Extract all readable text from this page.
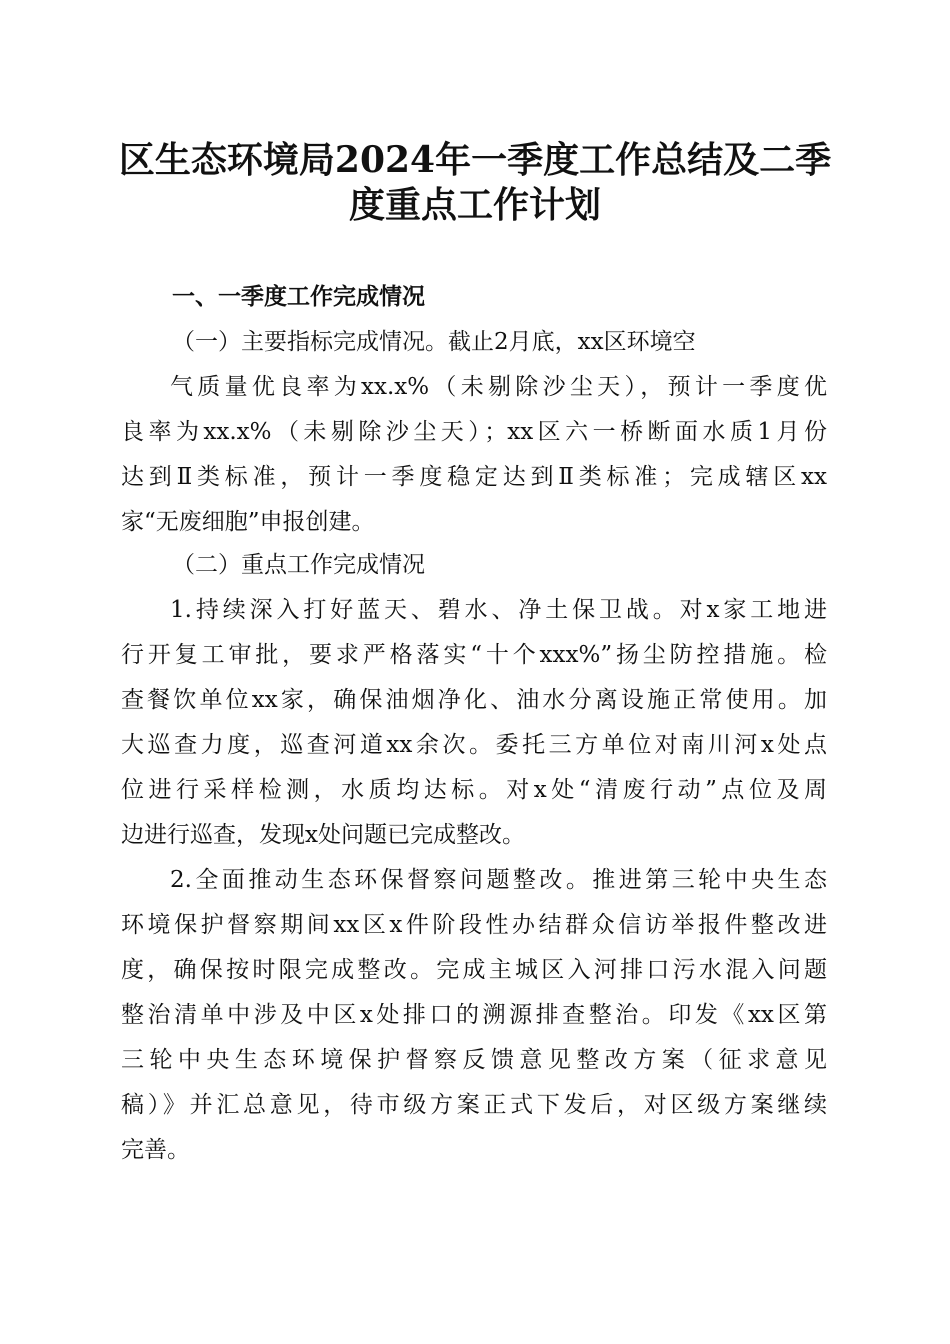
区生态环境局2024年一季度工作总结及二季
度重点工作计划
一、一季度工作完成情况
（一）主要指标完成情况。截止2月底，xx区环境空
气质量优良率为xx.x%（未剔除沙尘天），预计一季度优
良率为xx.x%（未剔除沙尘天）；xx区六一桥断面水质1月份
达到Ⅱ类标准，预计一季度稳定达到Ⅱ类标准；完成辖区xx
家“无废细胞”申报创建。
（二）重点工作完成情况
1.持续深入打好蓝天、碧水、净土保卫战。对x家工地进
行开复工审批，要求严格落实“十个xxx%”扬尘防控措施。检
查餐饮单位xx家，确保油烟净化、油水分离设施正常使用。加
大巡查力度，巡查河道xx余次。委托三方单位对南川河x处点
位进行采样检测，水质均达标。对x处“清废行动”点位及周
边进行巡查，发现x处问题已完成整改。
2.全面推动生态环保督察问题整改。推进第三轮中央生态
环境保护督察期间xx区x件阶段性办结群众信访举报件整改进
度，确保按时限完成整改。完成主城区入河排口污水混入问题
整治清单中涉及中区x处排口的溯源排查整治。印发《xx区第
三轮中央生态环境保护督察反馈意见整改方案（征求意见
稿）》并汇总意见，待市级方案正式下发后，对区级方案继续
完善。
